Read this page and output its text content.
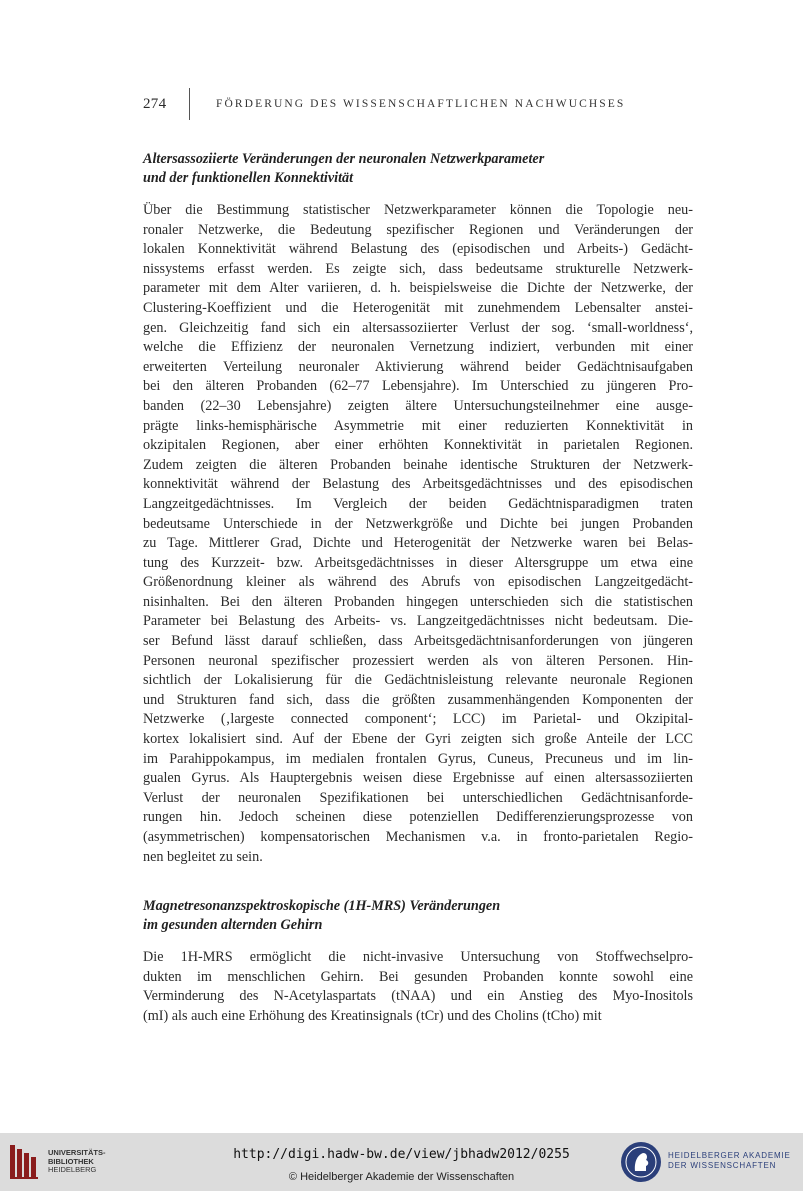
274	FÖRDERUNG DES WISSENSCHAFTLICHEN NACHWUCHSES
Altersassoziierte Veränderungen der neuronalen Netzwerkparameter
und der funktionellen Konnektivität

Über die Bestimmung statistischer Netzwerkparameter können die Topologie neu-
ronaler Netzwerke, die Bedeutung spezifischer Regionen und Veränderungen der
lokalen Konnektivität während Belastung des (episodischen und Arbeits-) Gedächt-
nissystems erfasst werden. Es zeigte sich, dass bedeutsame strukturelle Netzwerk-
parameter mit dem Alter variieren, d. h. beispielsweise die Dichte der Netzwerke, der
Clustering-Koeffizient und die Heterogenität mit zunehmendem Lebensalter anstei-
gen. Gleichzeitig fand sich ein altersassoziierter Verlust der sog. ‘small-worldness‘,
welche die Effizienz der neuronalen Vernetzung indiziert, verbunden mit einer
erweiterten Verteilung neuronaler Aktivierung während beider Gedächtnisaufgaben
bei den älteren Probanden (62–77 Lebensjahre). Im Unterschied zu jüngeren Pro-
banden (22–30 Lebensjahre) zeigten ältere Untersuchungsteilnehmer eine ausge-
prägte links-hemisphärische Asymmetrie mit einer reduzierten Konnektivität in
okzipitalen Regionen, aber einer erhöhten Konnektivität in parietalen Regionen.
Zudem zeigten die älteren Probanden beinahe identische Strukturen der Netzwerk-
konnektivität während der Belastung des Arbeitsgedächtnisses und des episodischen
Langzeitgedächtnisses. Im Vergleich der beiden Gedächtnisparadigmen traten
bedeutsame Unterschiede in der Netzwerkgröße und Dichte bei jungen Probanden
zu Tage. Mittlerer Grad, Dichte und Heterogenität der Netzwerke waren bei Belas-
tung des Kurzzeit- bzw. Arbeitsgedächtnisses in dieser Altersgruppe um etwa eine
Größenordnung kleiner als während des Abrufs von episodischen Langzeitgedächt-
nisinhalten. Bei den älteren Probanden hingegen unterschieden sich die statistischen
Parameter bei Belastung des Arbeits- vs. Langzeitgedächtnisses nicht bedeutsam. Die-
ser Befund lässt darauf schließen, dass Arbeitsgedächtnisanforderungen von jüngeren
Personen neuronal spezifischer prozessiert werden als von älteren Personen. Hin-
sichtlich der Lokalisierung für die Gedächtnisleistung relevante neuronale Regionen
und Strukturen fand sich, dass die größten zusammenhängenden Komponenten der
Netzwerke (‚largeste connected component‘; LCC) im Parietal- und Okzipital-
kortex lokalisiert sind. Auf der Ebene der Gyri zeigten sich große Anteile der LCC
im Parahippokampus, im medialen frontalen Gyrus, Cuneus, Precuneus und im lin-
gualen Gyrus. Als Hauptergebnis weisen diese Ergebnisse auf einen altersassoziierten
Verlust der neuronalen Spezifikationen bei unterschiedlichen Gedächtnisanforde-
rungen hin. Jedoch scheinen diese potenziellen Dedifferenzierungsprozesse von
(asymmetrischen) kompensatorischen Mechanismen v.a. in fronto-parietalen Regio-
nen begleitet zu sein.

Magnetresonanzspektroskopische (1H-MRS) Veränderungen
im gesunden alternden Gehirn

Die 1H-MRS ermöglicht die nicht-invasive Untersuchung von Stoffwechselpro-
dukten im menschlichen Gehirn. Bei gesunden Probanden konnte sowohl eine
Verminderung des N-Acetylaspartats (tNAA) und ein Anstieg des Myo-Inositols
(mI) als auch eine Erhöhung des Kreatinsignals (tCr) und des Cholins (tCho) mit

UNIVERSITÄTS-
BIBLIOTHEK
HEIDELBERG
http://digi.hadw-bw.de/view/jbhadw2012/0255
© Heidelberger Akademie der Wissenschaften
HEIDELBERGER AKADEMIE
DER WISSENSCHAFTEN
